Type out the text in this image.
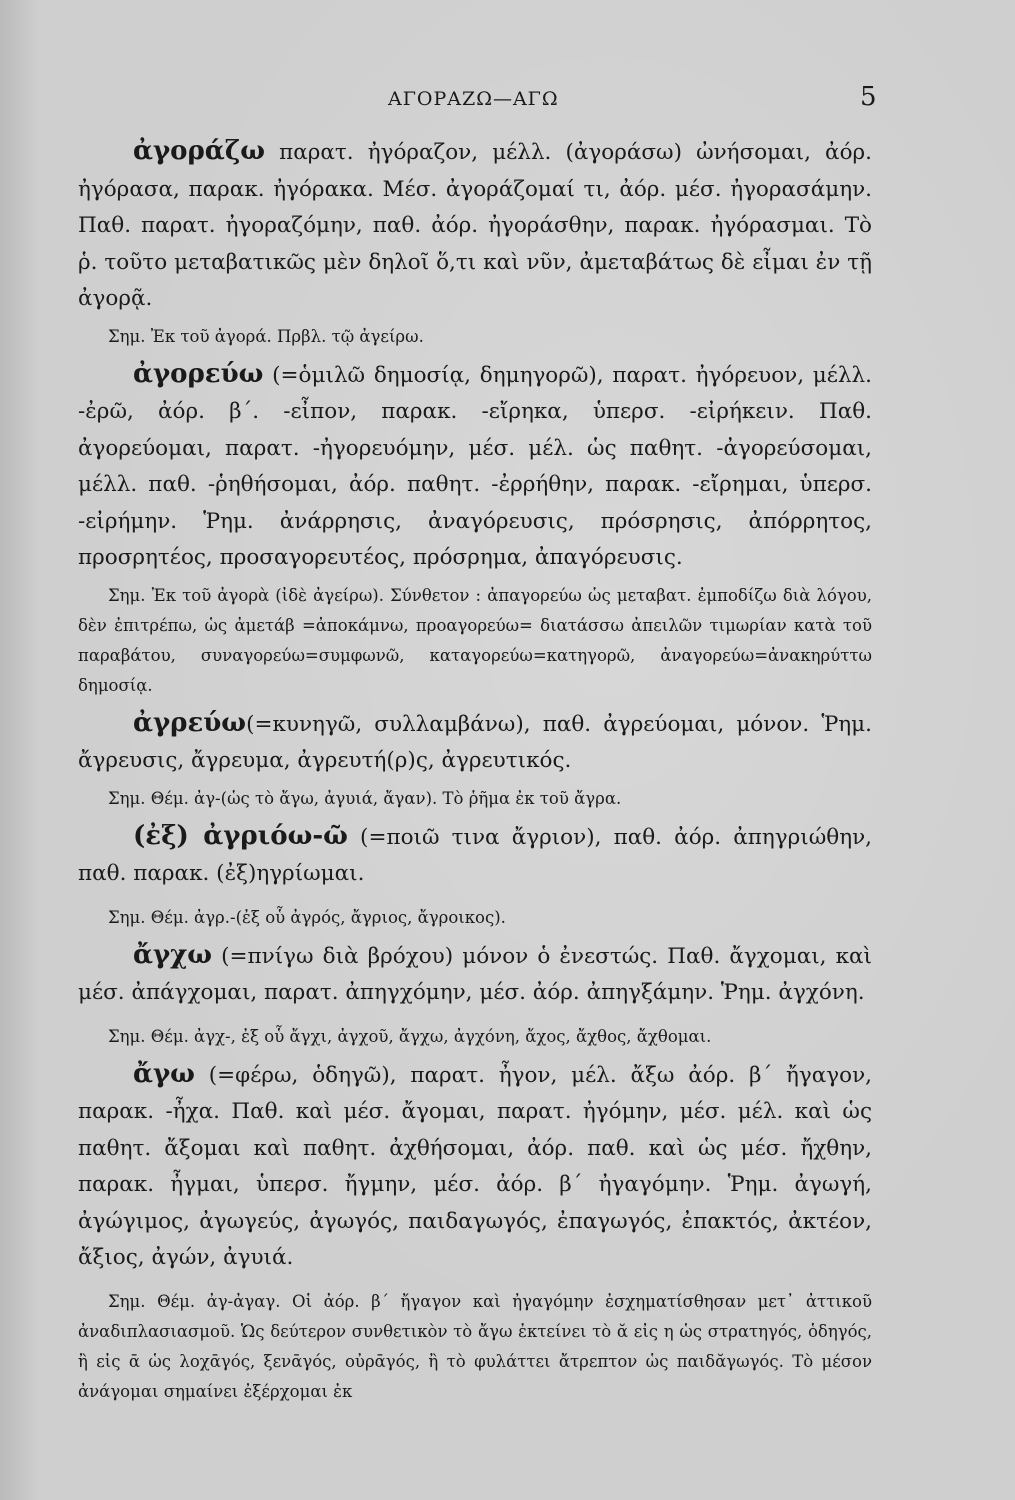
ΑΓΟΡΑΖΩ—ΑΓΩ	5

ἀγοράζω παρατ. ἠγόραζον, μέλλ. (ἀγοράσω) ὠνήσομαι, ἀόρ. ἠγόρασα, παρακ. ἠγόρακα. Μέσ. ἀγοράζομαί τι, ἀόρ. μέσ. ἠγορασάμην. Παθ. παρατ. ἠγοραζόμην, παθ. ἀόρ. ἠγοράσθην, παρακ. ἠγόρασμαι. Τὸ ῥ. τοῦτο μεταβατικῶς μὲν δηλοῖ ὅ,τι καὶ νῦν, ἀμεταβάτως δὲ εἶμαι ἐν τῇ ἀγορᾷ.

Σημ. Ἐκ τοῦ ἀγορά. Πρβλ. τῷ ἀγείρω.

ἀγορεύω (=ὁμιλῶ δημοσίᾳ, δημηγορῶ), παρατ. ἠγόρευον, μέλλ. -ἐρῶ, ἀόρ. β΄. -εἶπον, παρακ. -εἴρηκα, ὑπερσ. -εἰρήκειν. Παθ. ἀγορεύομαι, παρατ. -ἠγορευόμην, μέσ. μέλ. ὡς παθητ. -ἀγορεύσομαι, μέλλ. παθ. -ῥηθήσομαι, ἀόρ. παθητ. -ἐρρήθην, παρακ. -εἴρημαι, ὑπερσ. -εἰρήμην. Ῥημ. ἀνάρρησις, ἀναγόρευσις, πρόσρησις, ἀπόρρητος, προσρητέος, προσαγορευτέος, πρόσρημα, ἀπαγόρευσις.

Σημ. Ἐκ τοῦ ἀγορὰ (ἰδὲ ἀγείρω). Σύνθετον : ἀπαγορεύω ὡς μεταβατ. ἐμποδίζω διὰ λόγου, δὲν ἐπιτρέπω, ὡς ἀμετάβ =ἀποκάμνω, προαγορεύω= διατάσσω ἀπειλῶν τιμωρίαν κατὰ τοῦ παραβάτου, συναγορεύω=συμφωνῶ, καταγορεύω=κατηγορῶ, ἀναγορεύω=ἀνακηρύττω δημοσίᾳ.

ἀγρεύω(=κυνηγῶ, συλλαμβάνω), παθ. ἀγρεύομαι, μόνον. Ῥημ. ἄγρευσις, ἄγρευμα, ἀγρευτή(ρ)ς, ἀγρευτικός.

Σημ. Θέμ. ἀγ-(ὡς τὸ ἄγω, ἀγυιά, ἄγαν). Τὸ ῥῆμα ἐκ τοῦ ἄγρα.

(ἐξ) ἀγριόω-ῶ (=ποιῶ τινα ἄγριον), παθ. ἀόρ. ἀπηγριώθην, παθ. παρακ. (ἐξ)ηγρίωμαι.

Σημ. Θέμ. ἀγρ.-(ἐξ οὗ ἀγρός, ἄγριος, ἄγροικος).

ἄγχω (=πνίγω διὰ βρόχου) μόνον ὁ ἐνεστώς. Παθ. ἄγχομαι, καὶ μέσ. ἀπάγχομαι, παρατ. ἀπηγχόμην, μέσ. ἀόρ. ἀπηγξάμην. Ῥημ. ἀγχόνη.

Σημ. Θέμ. ἀγχ-, ἐξ οὗ ἄγχι, ἀγχοῦ, ἄγχω, ἀγχόνη, ἄχος, ἄχθος, ἄχθομαι.

ἄγω (=φέρω, ὁδηγῶ), παρατ. ἦγον, μέλ. ἄξω ἀόρ. β΄ ἤγαγον, παρακ. -ἦχα. Παθ. καὶ μέσ. ἄγομαι, παρατ. ἠγόμην, μέσ. μέλ. καὶ ὡς παθητ. ἄξομαι καὶ παθητ. ἀχθήσομαι, ἀόρ. παθ. καὶ ὡς μέσ. ἤχθην, παρακ. ἦγμαι, ὑπερσ. ἤγμην, μέσ. ἀόρ. β΄ ἠγαγόμην. Ῥημ. ἀγωγή, ἀγώγιμος, ἀγωγεύς, ἀγωγός, παιδαγωγός, ἐπαγωγός, ἐπακτός, ἀκτέον, ἄξιος, ἀγών, ἀγυιά.

Σημ. Θέμ. ἀγ-ἀγαγ. Οἱ ἀόρ. β΄ ἤγαγον καὶ ἠγαγόμην ἐσχηματίσθησαν μετ᾽ ἀττικοῦ ἀναδιπλασιασμοῦ. Ὡς δεύτερον συνθετικὸν τὸ ἄγω ἐκτείνει τὸ ᾰ εἰς η ὡς στρατηγός, ὁδηγός, ἢ εἰς ᾱ ὡς λοχᾱγός, ξενᾱγός, οὐρᾱγός, ἢ τὸ φυλάττει ἄτρεπτον ὡς παιδᾰγωγός. Τὸ μέσον ἀνάγομαι σημαίνει ἐξέρχομαι ἐκ
